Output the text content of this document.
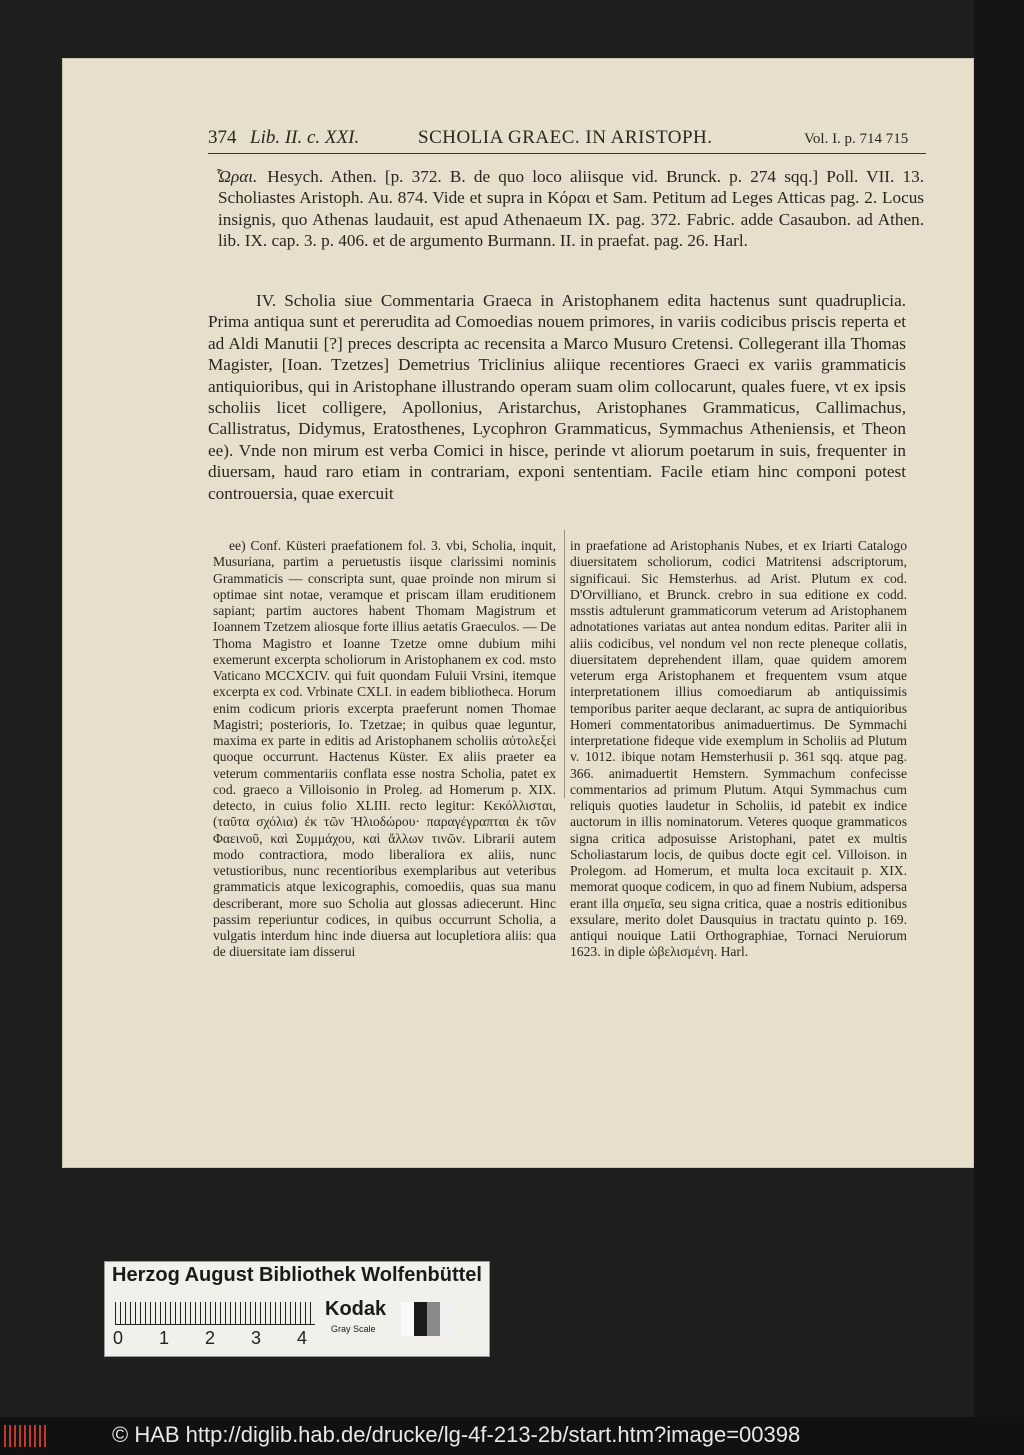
374 Lib. II. c. XXI.	SCHOLIA GRAEC. IN ARISTOPH.	Vol. I. p. 714 715
Ὧραι. Hesych. Athen. [p. 372. B. de quo loco aliisque vid. Brunck. p. 274 sqq.] Poll. VII. 13. Scholiastes Aristoph. Au. 874. Vide et supra in Κόραι et Sam. Petitum ad Leges Atticas pag. 2. Locus insignis, quo Athenas laudauit, est apud Athenaeum IX. pag. 372. Fabric. adde Casaubon. ad Athen. lib. IX. cap. 3. p. 406. et de argumento Burmann. II. in praefat. pag. 26. Harl.
IV. Scholia siue Commentaria Graeca in Aristophanem edita hactenus sunt quadruplicia. Prima antiqua sunt et pereruditа ad Comoedias nouem primores, in variis codicibus priscis reperta et ad Aldi Manutii [?] preces descripta ac recensita a Marco Musuro Cretensi. Collegerant illa Thomas Magister, [Ioan. Tzetzes] Demetrius Triclinius aliique recentiores Graeci ex variis grammaticis antiquioribus, qui in Aristophane illustrando operam suam olim collocarunt, quales fuere, vt ex ipsis scholiis licet colligere, Apollonius, Aristarchus, Aristophanes Grammaticus, Callimachus, Callistratus, Didymus, Eratosthenes, Lycophron Grammaticus, Symmachus Atheniensis, et Theon ee). Vnde non mirum est verba Comici in hisce, perinde vt aliorum poetarum in suis, frequenter in diuersam, haud raro etiam in contrariam, exponi sententiam. Facile etiam hinc componi potest controuersia, quae exercuit
ee) Conf. Küsteri praefationem fol. 3. vbi, Scholia, inquit, Musuriana, partim a peruetustis iisque clarissimi nominis Grammaticis — conscripta sunt, quae proinde non mirum si optimae sint notae, veramque et priscam illam eruditionem sapiant; partim auctores habent Thomam Magistrum et Ioannem Tzetzem aliosque forte illius aetatis Graeculos. — De Thoma Magistro et Ioanne Tzetze omne dubium mihi exemerunt excerpta scholiorum in Aristophanem ex cod. msto Vaticano MCCXCIV. qui fuit quondam Fuluii Vrsini, itemque excerpta ex cod. Vrbinate CXLI. in eadem bibliotheca. Horum enim codicum prioris excerpta praeferunt nomen Thomae Magistri; posterioris, Io. Tzetzae; in quibus quae leguntur, maxima ex parte in editis ad Aristophanem scholiis αὐτολεξεὶ quoque occurrunt. Hactenus Küster. Ex aliis praeter ea veterum commentariis conflata esse nostra Scholia, patet ex cod. graeco a Villoisonio in Proleg. ad Homerum p. XIX. detecto, in cuius folio XLIII. recto legitur: Κεκόλλισται, (ταῦτα σχόλια) ἐκ τῶν Ἡλιοδώρου· παραγέγραπται ἐκ τῶν Φαεινοῦ, καὶ Συμμάχου, καὶ ἄλλων τινῶν. Librarii autem modo contractiora, modo liberaliora ex aliis, nunc vetustioribus, nunc recentioribus exemplaribus aut veteribus grammaticis atque lexicographis, comoediis, quas sua manu describerant, more suo Scholia aut glossas adiecerunt. Hinc passim reperiuntur codices, in quibus occurrunt Scholia, a vulgatis interdum hinc inde diuersa aut locupletiora aliis: qua de diuersitate iam disserui
in praefatione ad Aristophanis Nubes, et ex Iriarti Catalogo diuersitatem scholiorum, codici Matritensi adscriptorum, significaui. Sic Hemsterhus. ad Arist. Plutum ex cod. D'Orvilliano, et Brunck. crebro in sua editione ex codd. msstis adtulerunt grammaticorum veterum ad Aristophanem adnotationes variatas aut antea nondum editas. Pariter alii in aliis codicibus, vel nondum vel non recte pleneque collatis, diuersitatem deprehendent illam, quae quidem amorem veterum erga Aristophanem et frequentem vsum atque interpretationem illius comoediarum ab antiquissimis temporibus pariter aeque declarant, ac supra de antiquioribus Homeri commentatoribus animaduertimus. De Symmachi interpretatione fideque vide exemplum in Scholiis ad Plutum v. 1012. ibique notam Hemsterhusii p. 361 sqq. atque pag. 366. animaduertit Hemstern. Symmachum confecisse commentarios ad primum Plutum. Atqui Symmachus cum reliquis quoties laudetur in Scholiis, id patebit ex indice auctorum in illis nominatorum. Veteres quoque grammaticos signa critica adposuisse Aristophani, patet ex multis Scholiastarum locis, de quibus docte egit cel. Villoison. in Prolegom. ad Homerum, et multa loca excitauit p. XIX. memorat quoque codicem, in quo ad finem Nubium, adspersa erant illa σημεῖα, seu signa critica, quae a nostris editionibus exsulare, merito dolet Dausquius in tractatu quinto p. 169. antiqui nouique Latii Orthographiae, Tornaci Neruiorum 1623. in diple ὠβελισμένη. Harl.
Herzog August Bibliothek Wolfenbüttel
0 1 2 3 4
Kodak
Gray Scale
© HAB http://diglib.hab.de/drucke/lg-4f-213-2b/start.htm?image=00398
